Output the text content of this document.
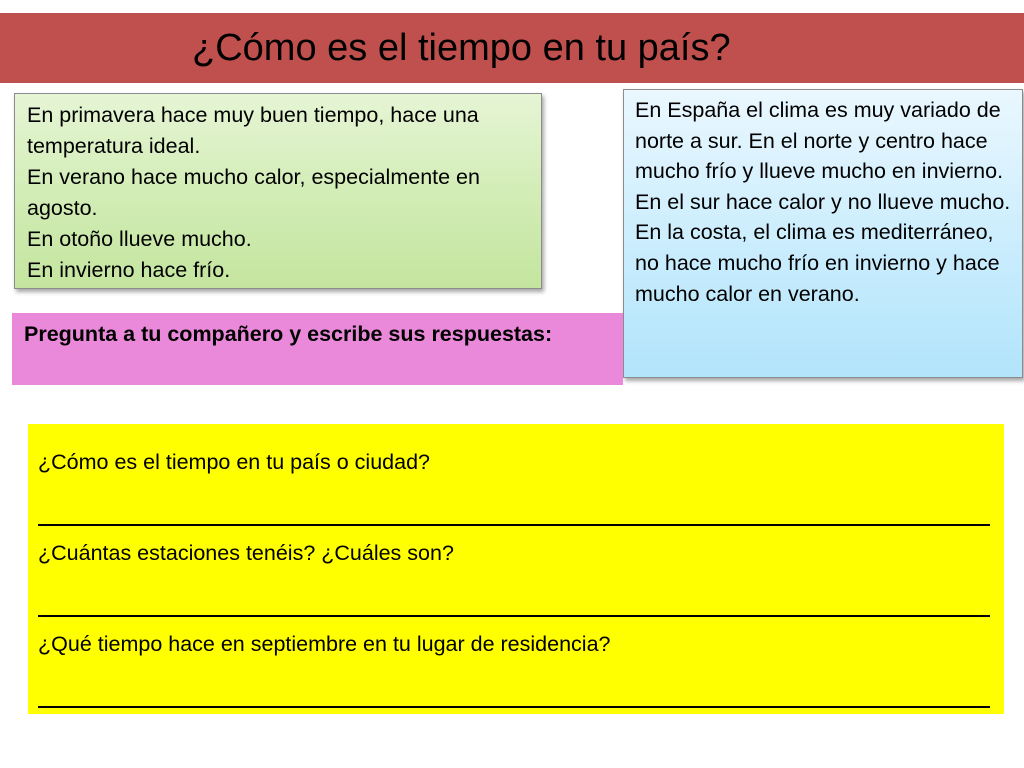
¿Cómo es el tiempo en tu país?

En primavera hace muy buen tiempo, hace una temperatura ideal.

En verano hace mucho calor, especialmente en agosto.

En otoño llueve mucho.

En invierno hace frío.

En España el clima es muy variado de norte a sur. En el norte y centro hace mucho frío y llueve mucho en invierno. En el sur hace calor y no llueve mucho. En la costa, el clima es mediterráneo, no hace mucho frío en invierno y hace mucho calor en verano.
Pregunta a tu compañero y escribe sus respuestas:
¿Cómo es el tiempo en tu país o ciudad?
¿Cuántas estaciones tenéis? ¿Cuáles son?
¿Qué tiempo hace en septiembre en tu lugar de residencia?
